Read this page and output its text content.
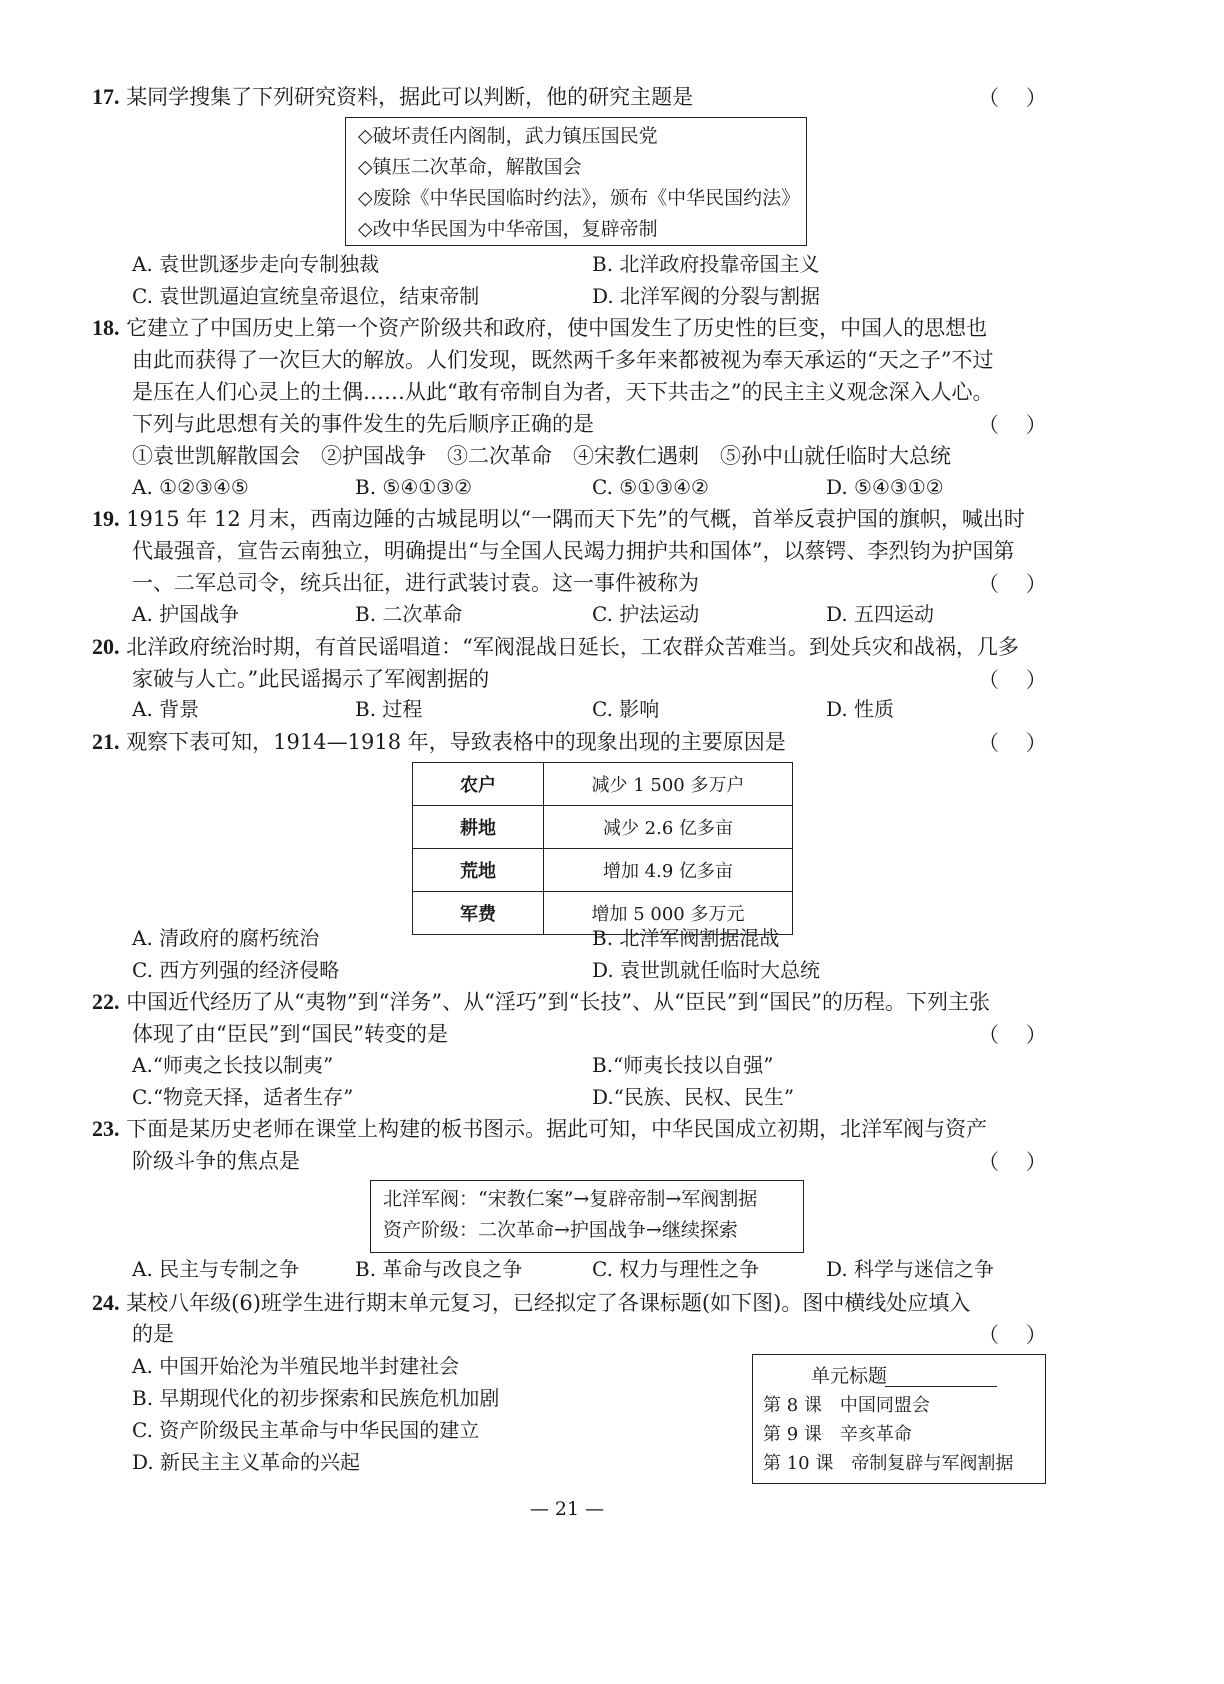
17. 某同学搜集了下列研究资料，据此可以判断，他的研究主题是	（    ）
◇破坏责任内阁制，武力镇压国民党
◇镇压二次革命，解散国会
◇废除《中华民国临时约法》，颁布《中华民国约法》
◇改中华民国为中华帝国，复辟帝制
A. 袁世凯逐步走向专制独裁	B. 北洋政府投靠帝国主义
C. 袁世凯逼迫宣统皇帝退位，结束帝制	D. 北洋军阀的分裂与割据
18. 它建立了中国历史上第一个资产阶级共和政府，使中国发生了历史性的巨变，中国人的思想也
由此而获得了一次巨大的解放。人们发现，既然两千多年来都被视为奉天承运的“天之子”不过
是压在人们心灵上的土偶……从此“敢有帝制自为者，天下共击之”的民主主义观念深入人心。
下列与此思想有关的事件发生的先后顺序正确的是	（    ）
①袁世凯解散国会　②护国战争　③二次革命　④宋教仁遇刺　⑤孙中山就任临时大总统
A. ①②③④⑤	B. ⑤④①③②	C. ⑤①③④②	D. ⑤④③①②
19. 1915 年 12 月末，西南边陲的古城昆明以“一隅而天下先”的气概，首举反袁护国的旗帜，喊出时
代最强音，宣告云南独立，明确提出“与全国人民竭力拥护共和国体”，以蔡锷、李烈钧为护国第
一、二军总司令，统兵出征，进行武装讨袁。这一事件被称为	（    ）
A. 护国战争	B. 二次革命	C. 护法运动	D. 五四运动
20. 北洋政府统治时期，有首民谣唱道：“军阀混战日延长，工农群众苦难当。到处兵灾和战祸，几多
家破与人亡。”此民谣揭示了军阀割据的	（    ）
A. 背景	B. 过程	C. 影响	D. 性质
21. 观察下表可知，1914—1918 年，导致表格中的现象出现的主要原因是	（    ）
农户	减少 1 500 多万户
耕地	减少 2.6 亿多亩
荒地	增加 4.9 亿多亩
军费	增加 5 000 多万元
A. 清政府的腐朽统治	B. 北洋军阀割据混战
C. 西方列强的经济侵略	D. 袁世凯就任临时大总统
22. 中国近代经历了从“夷物”到“洋务”、从“淫巧”到“长技”、从“臣民”到“国民”的历程。下列主张
体现了由“臣民”到“国民”转变的是	（    ）
A.“师夷之长技以制夷”	B.“师夷长技以自强”
C.“物竞天择，适者生存”	D.“民族、民权、民生”
23. 下面是某历史老师在课堂上构建的板书图示。据此可知，中华民国成立初期，北洋军阀与资产
阶级斗争的焦点是	（    ）
北洋军阀：“宋教仁案”→复辟帝制→军阀割据
资产阶级：二次革命→护国战争→继续探索
A. 民主与专制之争	B. 革命与改良之争	C. 权力与理性之争	D. 科学与迷信之争
24. 某校八年级(6)班学生进行期末单元复习，已经拟定了各课标题(如下图)。图中横线处应填入
的是	（    ）
A. 中国开始沦为半殖民地半封建社会
B. 早期现代化的初步探索和民族危机加剧
C. 资产阶级民主革命与中华民国的建立
D. 新民主主义革命的兴起
单元标题
第 8 课　中国同盟会
第 9 课　辛亥革命
第 10 课　帝制复辟与军阀割据
— 21 —
